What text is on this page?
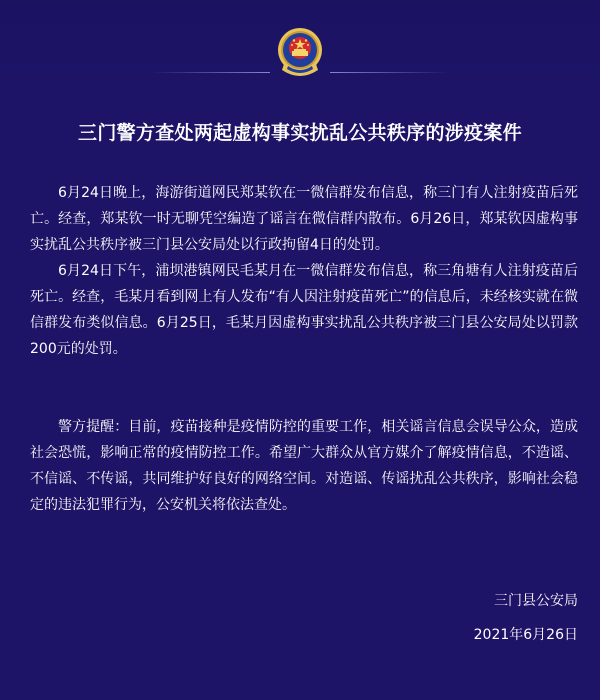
三门警方查处两起虚构事实扰乱公共秩序的涉疫案件

6月24日晚上，海游街道网民郑某钦在一微信群发布信息，称三门有人注射疫苗后死亡。经查，郑某钦一时无聊凭空编造了谣言在微信群内散布。6月26日，郑某钦因虚构事实扰乱公共秩序被三门县公安局处以行政拘留4日的处罚。

6月24日下午，浦坝港镇网民毛某月在一微信群发布信息，称三角塘有人注射疫苗后死亡。经查，毛某月看到网上有人发布“有人因注射疫苗死亡”的信息后，未经核实就在微信群发布类似信息。6月25日，毛某月因虚构事实扰乱公共秩序被三门县公安局处以罚款200元的处罚。

警方提醒：目前，疫苗接种是疫情防控的重要工作，相关谣言信息会误导公众，造成社会恐慌，影响正常的疫情防控工作。希望广大群众从官方媒介了解疫情信息，不造谣、不信谣、不传谣，共同维护好良好的网络空间。对造谣、传谣扰乱公共秩序，影响社会稳定的违法犯罪行为，公安机关将依法查处。

三门县公安局
2021年6月26日
